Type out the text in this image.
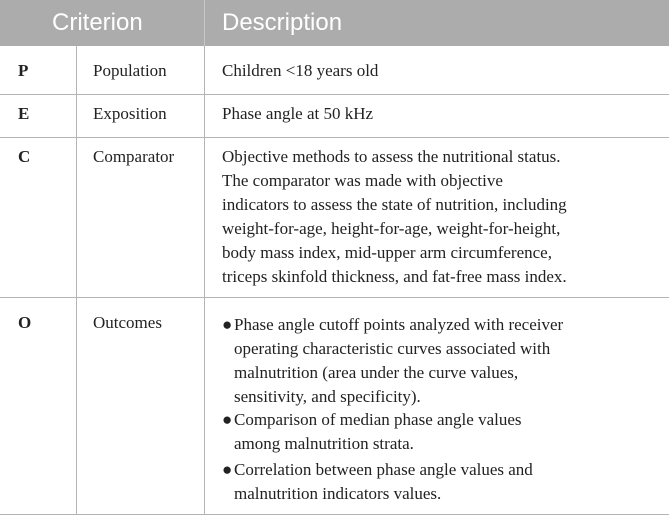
Criterion	Description
P	Population	Children <18 years old
E	Exposition	Phase angle at 50 kHz
C	Comparator	Objective methods to assess the nutritional status.
The comparator was made with objective
indicators to assess the state of nutrition, including
weight-for-age, height-for-age, weight-for-height,
body mass index, mid-upper arm circumference,
triceps skinfold thickness, and fat-free mass index.
O	Outcomes	● Phase angle cutoff points analyzed with receiver
operating characteristic curves associated with
malnutrition (area under the curve values,
sensitivity, and specificity).
● Comparison of median phase angle values
among malnutrition strata.
● Correlation between phase angle values and
malnutrition indicators values.
